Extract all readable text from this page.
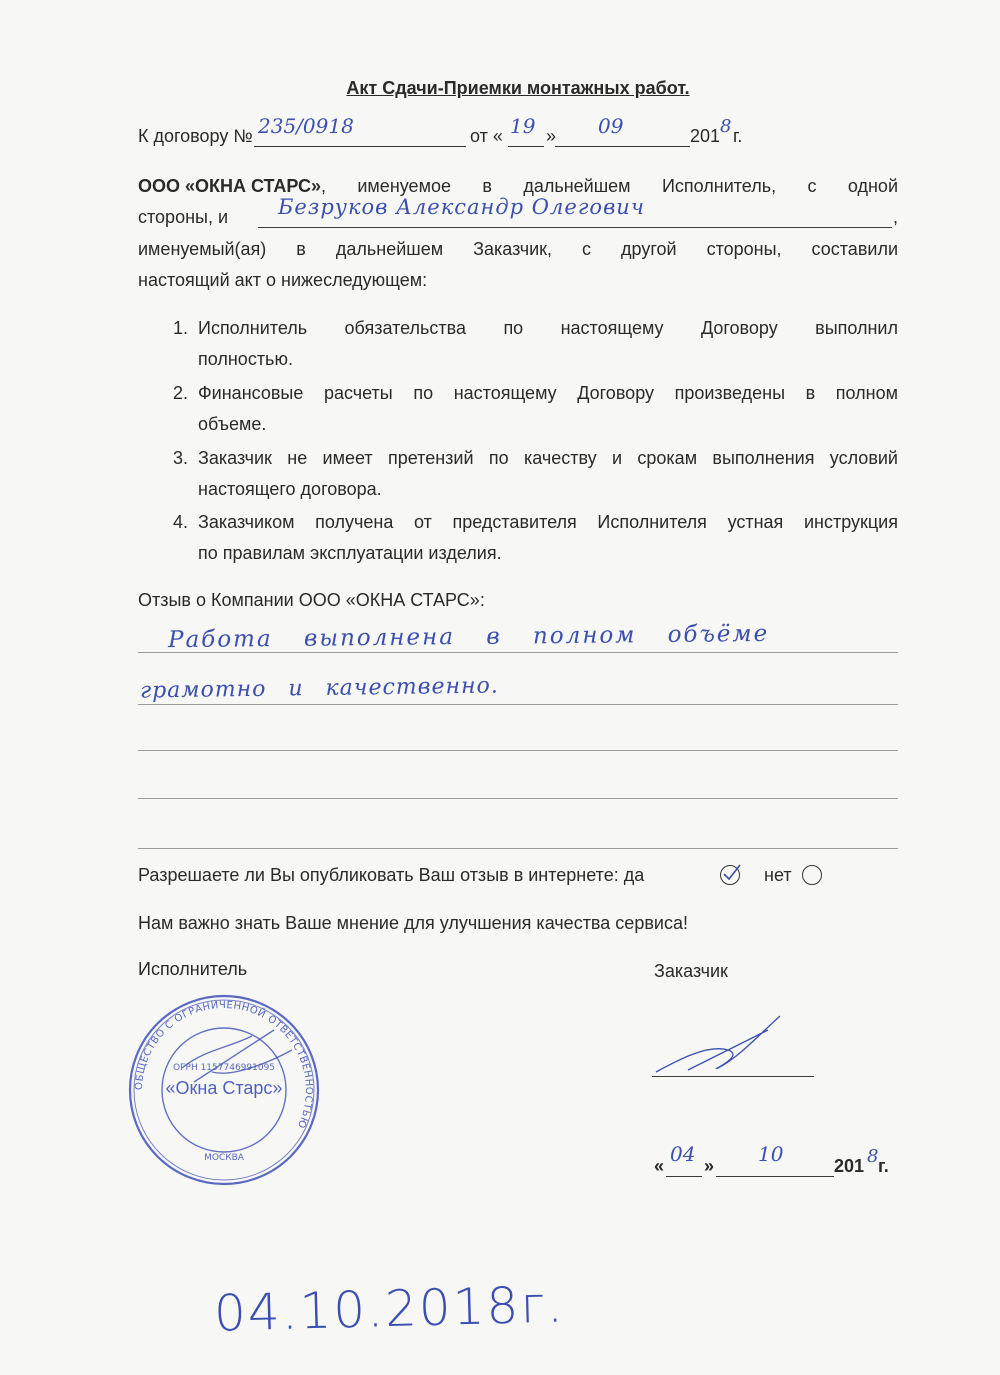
Акт Сдачи-Приемки монтажных работ.
К договору № 235/0918	от « 19 » 09	201 8 г.
ООО «ОКНА СТАРС» , именуемое в дальнейшем Исполнитель, с одной
стороны, и Безруков Александр Олегович	,
именуемый(ая) в дальнейшем Заказчик, с другой стороны, составили
настоящий акт о нижеследующем:
1. Исполнитель обязательства по настоящему Договору выполнил
полностью.
2. Финансовые расчеты по настоящему Договору произведены в полном
объеме.
3. Заказчик не имеет претензий по качеству и срокам выполнения условий
настоящего договора.
4. Заказчиком получена от представителя Исполнителя устная инструкция
по правилам эксплуатации изделия.
Отзыв о Компании ООО «ОКНА СТАРС»:
Работа выполнена в полном объёме
грамотно и качественно.
Разрешаете ли Вы опубликовать Ваш отзыв в интернете: да	нет
Нам важно знать Ваше мнение для улучшения качества сервиса!
Исполнитель	Заказчик
ОБЩЕСТВО С ОГРАНИЧЕННОЙ ОТВЕТСТВЕННОСТЬЮ
ОГРН 1157746991095
«Окна Старс»
МОСКВА	« 04 » 10	201 8 г.
04.10.2018г.
